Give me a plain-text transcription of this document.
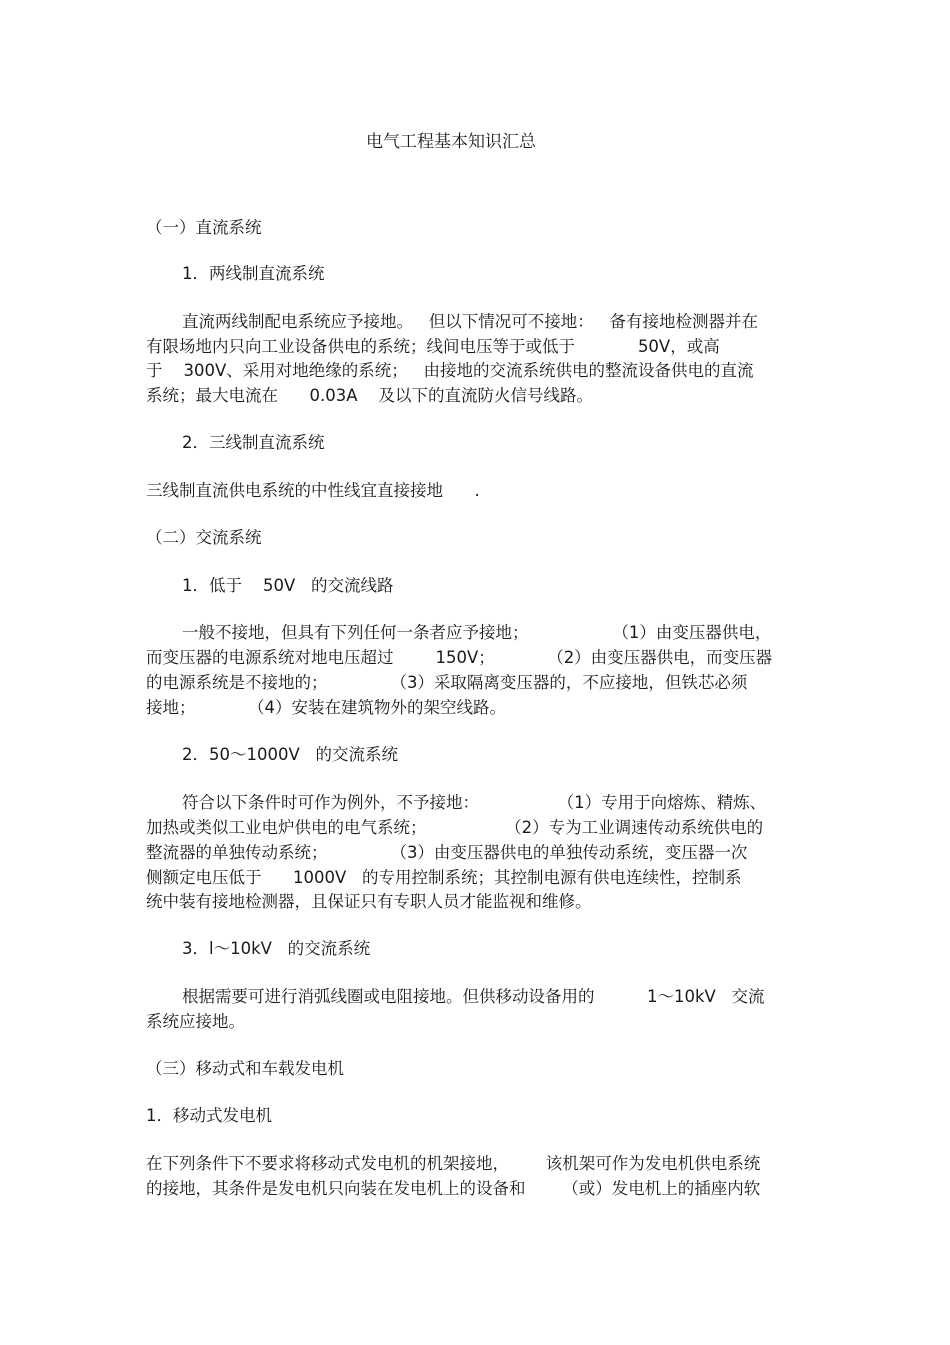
电气工程基本知识汇总
（一）直流系统
1．两线制直流系统
直流两线制配电系统应予接地。   但以下情况可不接地：   备有接地检测器并在
有限场地内只向工业设备供电的系统；线间电压等于或低于            50V，或高
于    300V、采用对地绝缘的系统；   由接地的交流系统供电的整流设备供电的直流
系统；最大电流在      0.03A    及以下的直流防火信号线路。
2．三线制直流系统
三线制直流供电系统的中性线宜直接接地      .
（二）交流系统
1．低于    50V   的交流线路
一般不接地，但具有下列任何一条者应予接地；                （1）由变压器供电，
而变压器的电源系统对地电压超过        150V；          （2）由变压器供电，而变压器
的电源系统是不接地的；            （3）采取隔离变压器的，不应接地，但铁芯必须
接地；          （4）安装在建筑物外的架空线路。
2．50～1000V   的交流系统
符合以下条件时可作为例外，不予接地：               （1）专用于向熔炼、精炼、
加热或类似工业电炉供电的电气系统；               （2）专为工业调速传动系统供电的
整流器的单独传动系统；            （3）由变压器供电的单独传动系统，变压器一次
侧额定电压低于      1000V   的专用控制系统；其控制电源有供电连续性，控制系
统中装有接地检测器，且保证只有专职人员才能监视和维修。
3．l～10kV   的交流系统
根据需要可进行消弧线圈或电阻接地。但供移动设备用的          1～10kV   交流
系统应接地。
（三）移动式和车载发电机
1．移动式发电机
在下列条件下不要求将移动式发电机的机架接地，       该机架可作为发电机供电系统
的接地，其条件是发电机只向装在发电机上的设备和       （或）发电机上的插座内软
